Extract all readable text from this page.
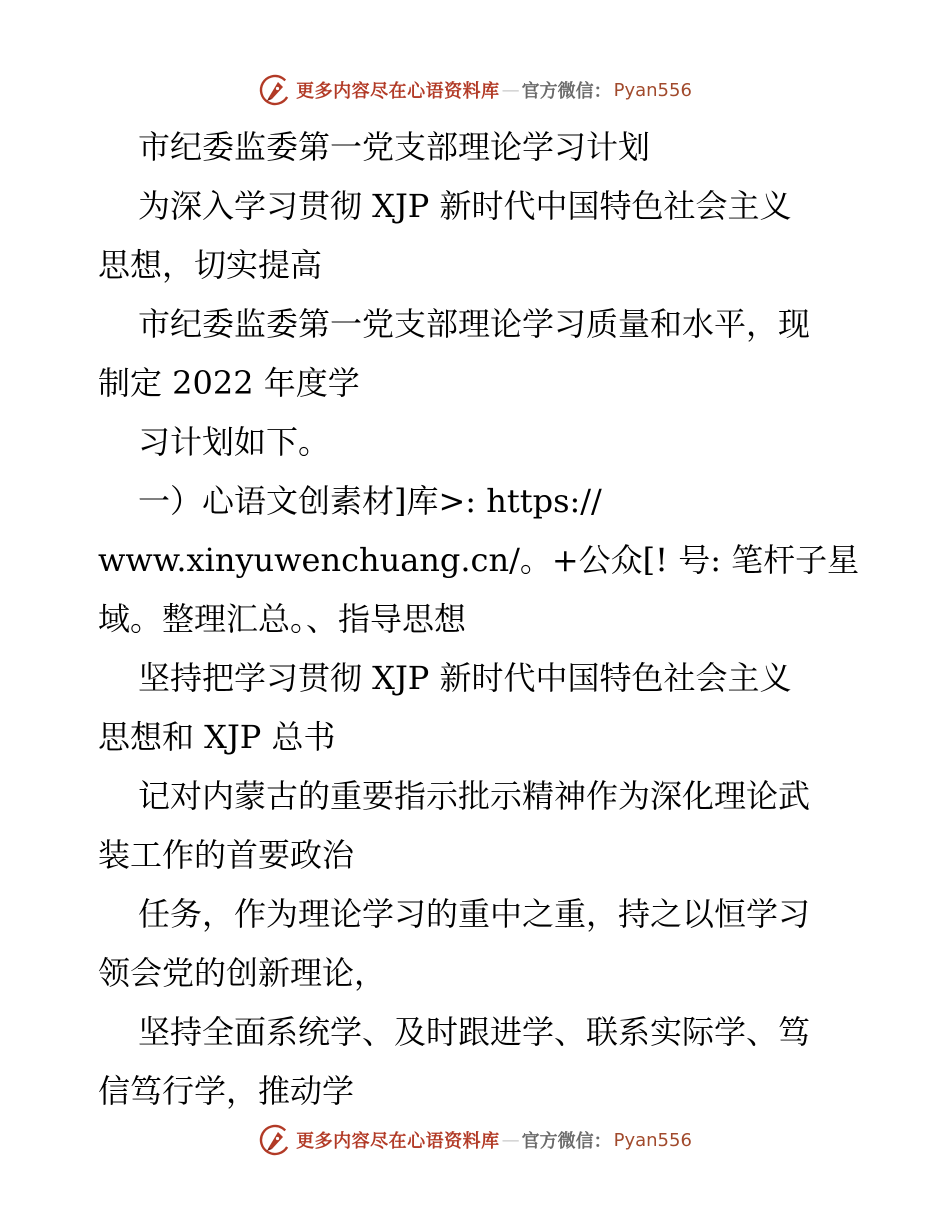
更多内容尽在心语资料库 — 官方微信： Pyan556
市纪委监委第一党支部理论学习计划
为深入学习贯彻 XJP 新时代中国特色社会主义
思想，切实提高
市纪委监委第一党支部理论学习质量和水平，现
制定 2022 年度学
习计划如下。
一）心语文创素材]库>: https://
www.xinyuwenchuang.cn/。+公众[! 号: 笔杆子星
域。整理汇总。、指导思想
坚持把学习贯彻 XJP 新时代中国特色社会主义
思想和 XJP 总书
记对内蒙古的重要指示批示精神作为深化理论武
装工作的首要政治
任务，作为理论学习的重中之重，持之以恒学习
领会党的创新理论，
坚持全面系统学、及时跟进学、联系实际学、笃
信笃行学，推动学
更多内容尽在心语资料库 — 官方微信： Pyan556
